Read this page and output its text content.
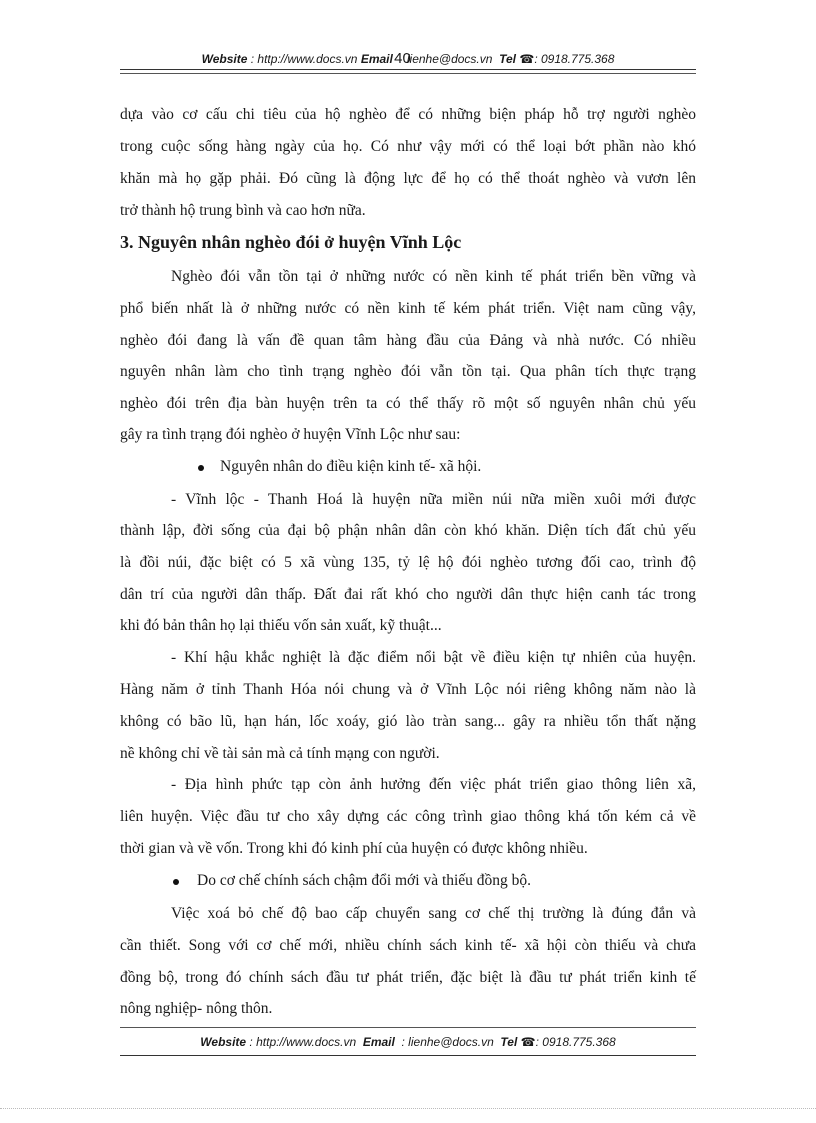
Website : http://www.docs.vn Email 40lienhe@docs.vn Tel ☎: 0918.775.368
dựa vào cơ cấu chi tiêu của hộ nghèo để có những biện pháp hỗ trợ người nghèo
trong cuộc sống hàng ngày của họ. Có như vậy mới có thể loại bớt phần nào khó
khăn mà họ gặp phải. Đó cũng là động lực để họ có thể thoát nghèo và vươn lên
trở thành hộ trung bình và cao hơn nữa.
3. Nguyên nhân nghèo đói ở huyện Vĩnh Lộc
Nghèo đói vẫn tồn tại ở những nước có nền kinh tế phát triển bền vững và
phổ biến nhất là ở những nước có nền kinh tế kém phát triển. Việt nam cũng vậy,
nghèo đói đang là vấn đề quan tâm hàng đầu của Đảng và nhà nước. Có nhiều
nguyên nhân làm cho tình trạng nghèo đói vẫn tồn tại. Qua phân tích thực trạng
nghèo đói trên địa bàn huyện trên ta có thể thấy rõ một số nguyên nhân chủ yếu
gây ra tình trạng đói nghèo ở huyện Vĩnh Lộc như sau:
Nguyên nhân do điều kiện kinh tế- xã hội.
- Vĩnh lộc - Thanh Hoá là huyện nữa miền núi nữa miền xuôi mới được
thành lập, đời sống của đại bộ phận nhân dân còn khó khăn. Diện tích đất chủ yếu
là đồi núi, đặc biệt có 5 xã vùng 135, tỷ lệ hộ đói nghèo tương đối cao, trình độ
dân trí của người dân thấp. Đất đai rất khó cho người dân thực hiện canh tác trong
khi đó bản thân họ lại thiếu vốn sản xuất, kỹ thuật...
- Khí hậu khắc nghiệt là đặc điểm nổi bật về điều kiện tự nhiên của huyện.
Hàng năm ở tỉnh Thanh Hóa nói chung và ở Vĩnh Lộc nói riêng không năm nào là
không có bão lũ, hạn hán, lốc xoáy, gió lào tràn sang... gây ra nhiều tổn thất nặng
nề không chỉ về tài sản mà cả tính mạng con người.
- Địa hình phức tạp còn ảnh hưởng đến việc phát triển giao thông liên xã,
liên huyện. Việc đầu tư cho xây dựng các công trình giao thông khá tốn kém cả về
thời gian và về vốn. Trong khi đó kinh phí của huyện có được không nhiều.
Do cơ chế chính sách chậm đổi mới và thiếu đồng bộ.
Việc xoá bỏ chế độ bao cấp chuyển sang cơ chế thị trường là đúng đắn và
cần thiết. Song với cơ chế mới, nhiều chính sách kinh tế- xã hội còn thiếu và chưa
đồng bộ, trong đó chính sách đầu tư phát triển, đặc biệt là đầu tư phát triển kinh tế
nông nghiệp- nông thôn.
Website : http://www.docs.vn Email : lienhe@docs.vn Tel ☎: 0918.775.368
